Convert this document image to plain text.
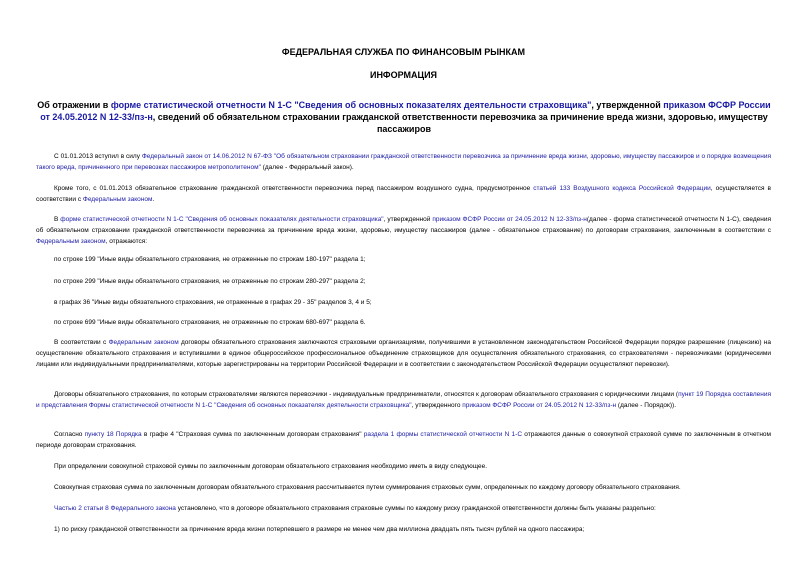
ФЕДЕРАЛЬНАЯ СЛУЖБА ПО ФИНАНСОВЫМ РЫНКАМ
ИНФОРМАЦИЯ
Об отражении в форме статистической отчетности N 1-С "Сведения об основных показателях деятельности страховщика", утвержденной приказом ФСФР России от 24.05.2012 N 12-33/пз-н, сведений об обязательном страховании гражданской ответственности перевозчика за причинение вреда жизни, здоровью, имуществу пассажиров
С 01.01.2013 вступил в силу Федеральный закон от 14.06.2012 N 67-ФЗ "Об обязательном страховании гражданской ответственности перевозчика за причинение вреда жизни, здоровью, имуществу пассажиров и о порядке возмещения такого вреда, причиненного при перевозках пассажиров метрополитеном" (далее - Федеральный закон).
Кроме того, с 01.01.2013 обязательное страхование гражданской ответственности перевозчика перед пассажиром воздушного судна, предусмотренное статьей 133 Воздушного кодекса Российской Федерации, осуществляется в соответствии с Федеральным законом.
В форме статистической отчетности N 1-С "Сведения об основных показателях деятельности страховщика", утвержденной приказом ФСФР России от 24.05.2012 N 12-33/пз-н(далее - форма статистической отчетности N 1-С), сведения об обязательном страховании гражданской ответственности перевозчика за причинение вреда жизни, здоровью, имуществу пассажиров (далее - обязательное страхование) по договорам страхования, заключенным в соответствии с Федеральным законом, отражаются:
по строке 199 "Иные виды обязательного страхования, не отраженные по строкам 180-197" раздела 1;
по строке 299 "Иные виды обязательного страхования, не отраженные по строкам 280-297" раздела 2;
в графах 36 "Иные виды обязательного страхования, не отраженные в графах 29 - 35" разделов 3, 4 и 5;
по строке 699 "Иные виды обязательного страхования, не отраженные по строкам 680-697" раздела 6.
В соответствии с Федеральным законом договоры обязательного страхования заключаются страховыми организациями, получившими в установленном законодательством Российской Федерации порядке разрешение (лицензию) на осуществление обязательного страхования и вступившими в единое общероссийское профессиональное объединение страховщиков для осуществления обязательного страхования, со страхователями - перевозчиками (юридическими лицами или индивидуальными предпринимателями, которые зарегистрированы на территории Российской Федерации и в соответствии с законодательством Российской Федерации осуществляют перевозки).
Договоры обязательного страхования, по которым страхователями являются перевозчики - индивидуальные предприниматели, относятся к договорам обязательного страхования с юридическими лицами (пункт 19 Порядка составления и представления Формы статистической отчетности N 1-С "Сведения об основных показателях деятельности страховщика", утвержденного приказом ФСФР России от 24.05.2012 N 12-33/пз-н (далее - Порядок)).
Согласно пункту 18 Порядка в графе 4 "Страховая сумма по заключенным договорам страхования" раздела 1 формы статистической отчетности N 1-С отражаются данные о совокупной страховой сумме по заключенным в отчетном периоде договорам страхования.
При определении совокупной страховой суммы по заключенным договорам обязательного страхования необходимо иметь в виду следующее.
Совокупная страховая сумма по заключенным договорам обязательного страхования рассчитывается путем суммирования страховых сумм, определенных по каждому договору обязательного страхования.
Частью 2 статьи 8 Федерального закона установлено, что в договоре обязательного страхования страховые суммы по каждому риску гражданской ответственности должны быть указаны раздельно:
1) по риску гражданской ответственности за причинение вреда жизни потерпевшего в размере не менее чем два миллиона двадцать пять тысяч рублей на одного пассажира;
